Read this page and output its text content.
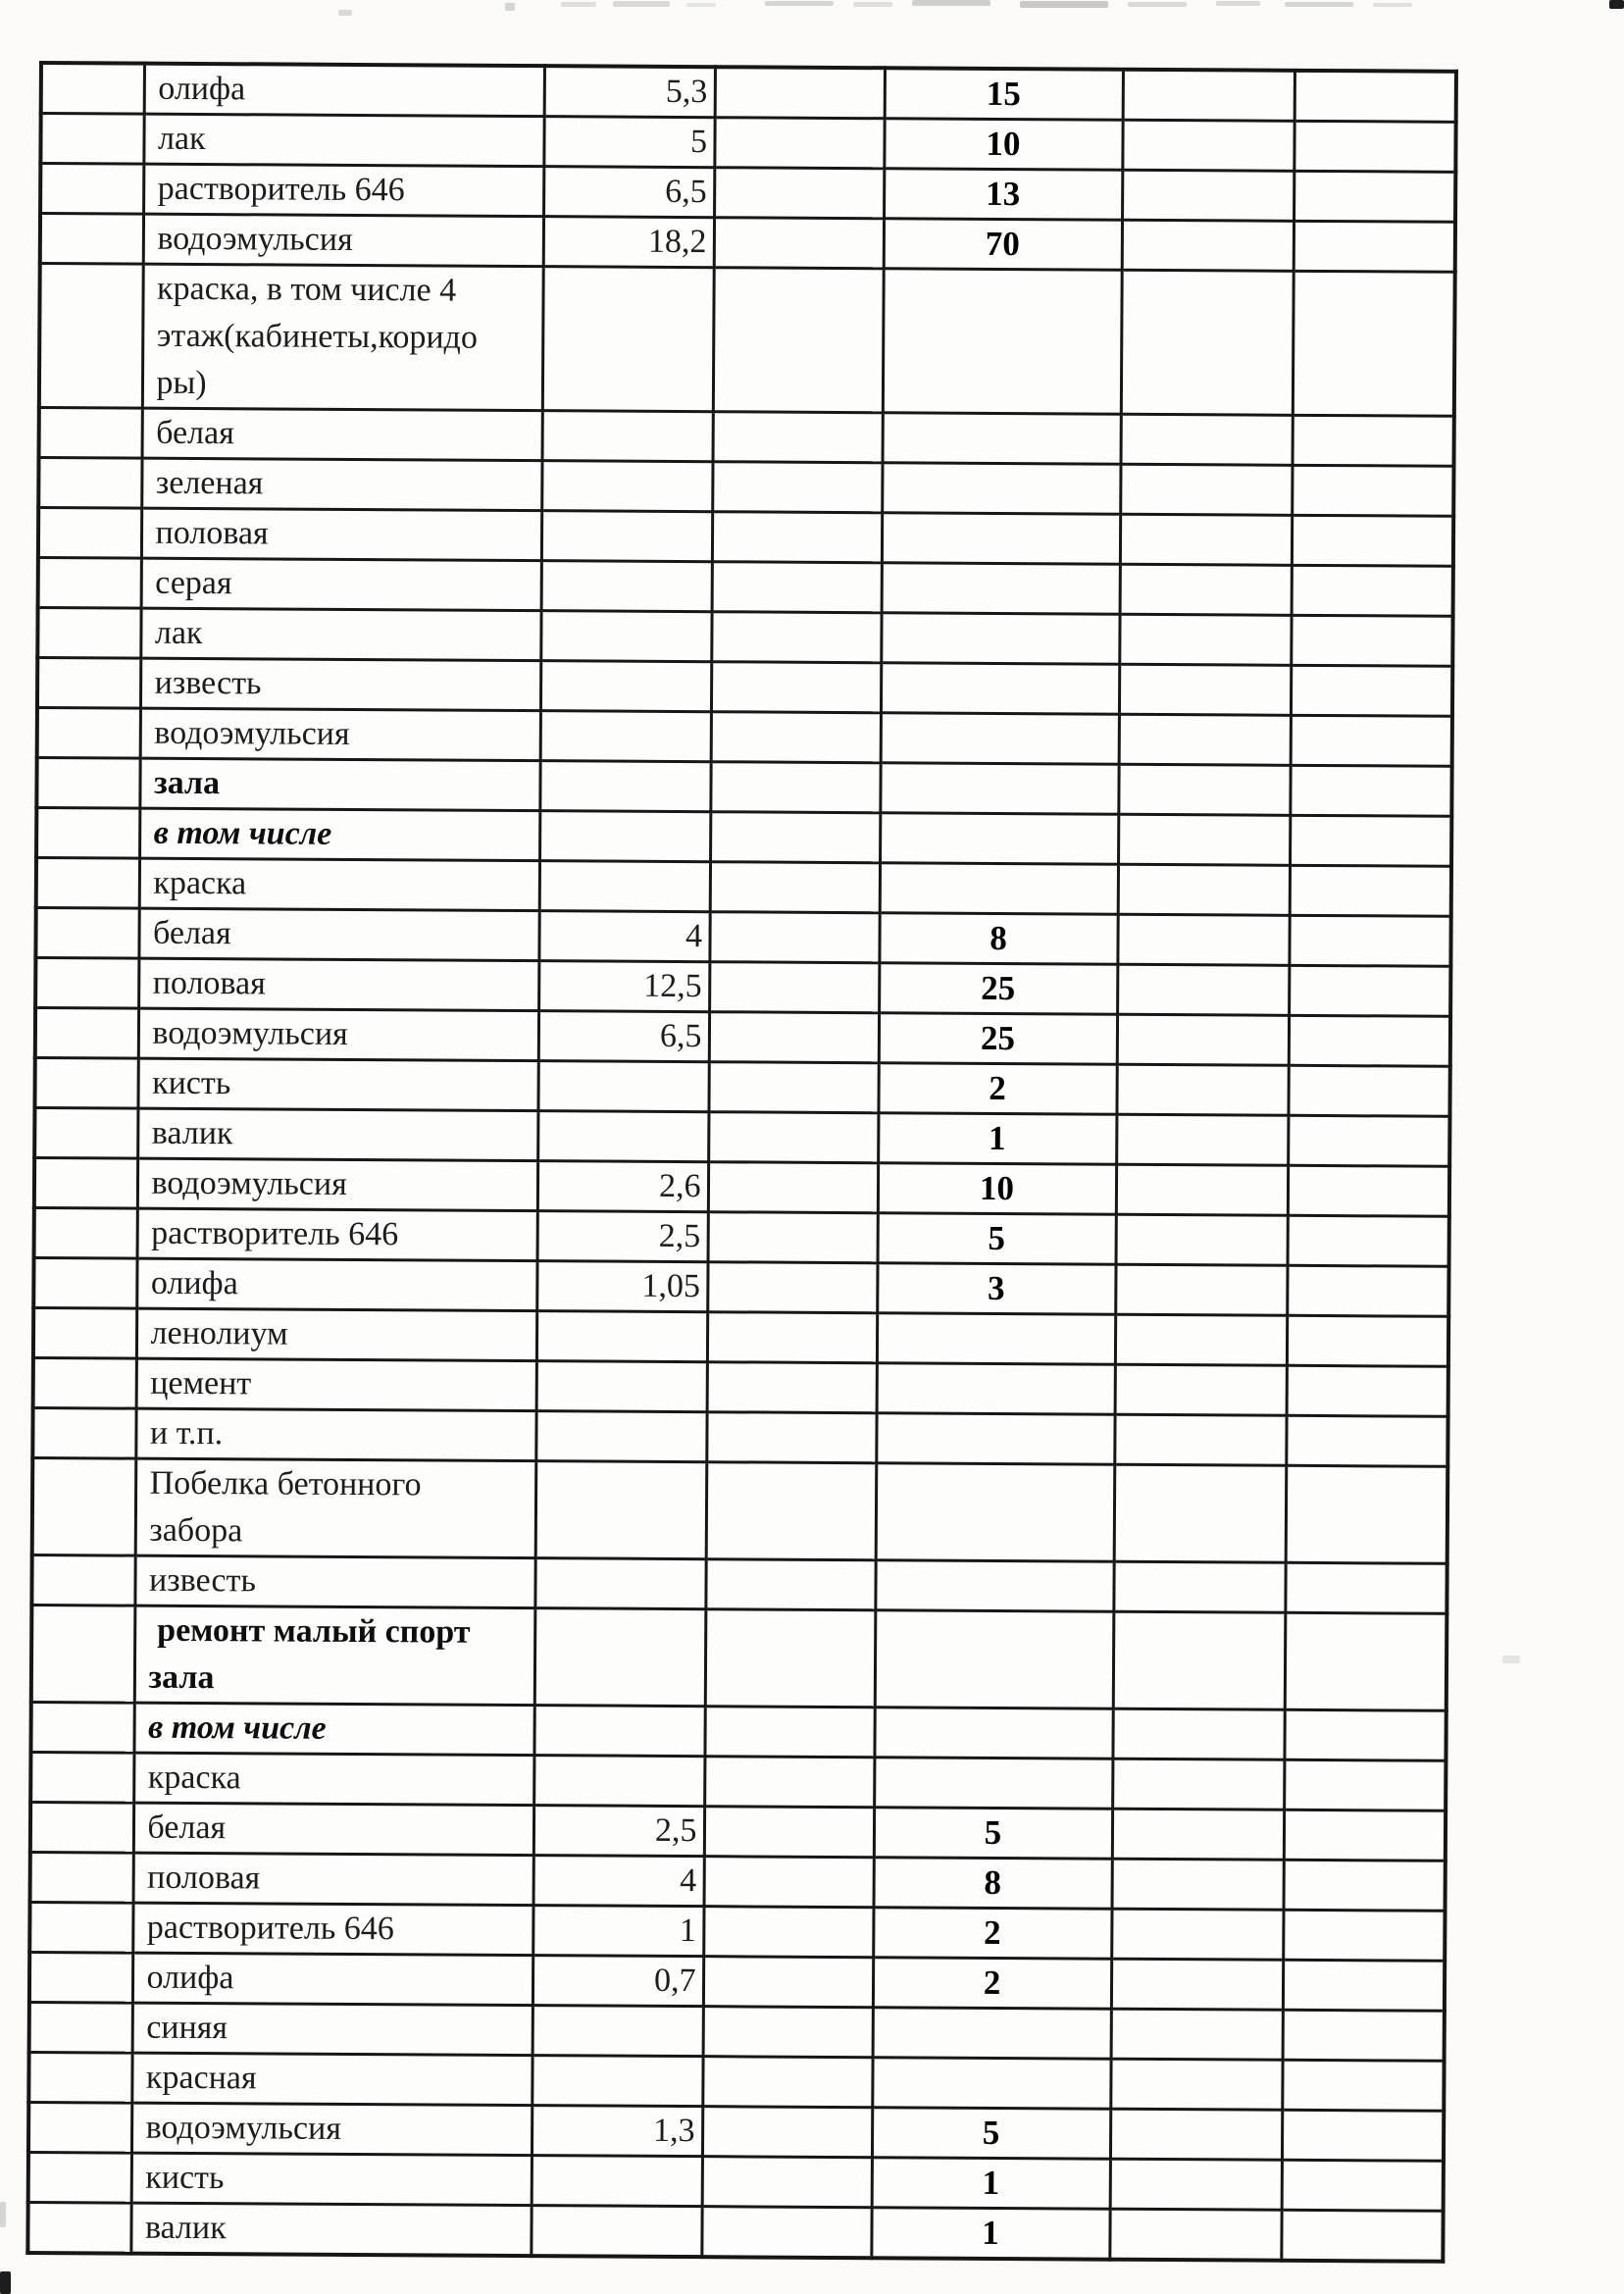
	олифа	5,3		15		
	лак	5		10		
	растворитель 646	6,5		13		
	водоэмульсия	18,2		70		
	краска, в том числе 4
этаж(кабинеты,коридо
ры)					
	белая					
	зеленая					
	половая					
	серая					
	лак					
	известь					
	водоэмульсия					
	зала					
	в том числе					
	краска					
	белая	4		8		
	половая	12,5		25		
	водоэмульсия	6,5		25		
	кисть			2		
	валик			1		
	водоэмульсия	2,6		10		
	растворитель 646	2,5		5		
	олифа	1,05		3		
	ленолиум					
	цемент					
	и т.п.					
	Побелка бетонного
забора					
	известь					
	ремонт малый спорт
зала					
	в том числе					
	краска					
	белая	2,5		5		
	половая	4		8		
	растворитель 646	1		2		
	олифа	0,7		2		
	синяя					
	красная					
	водоэмульсия	1,3		5		
	кисть			1		
	валик			1		
